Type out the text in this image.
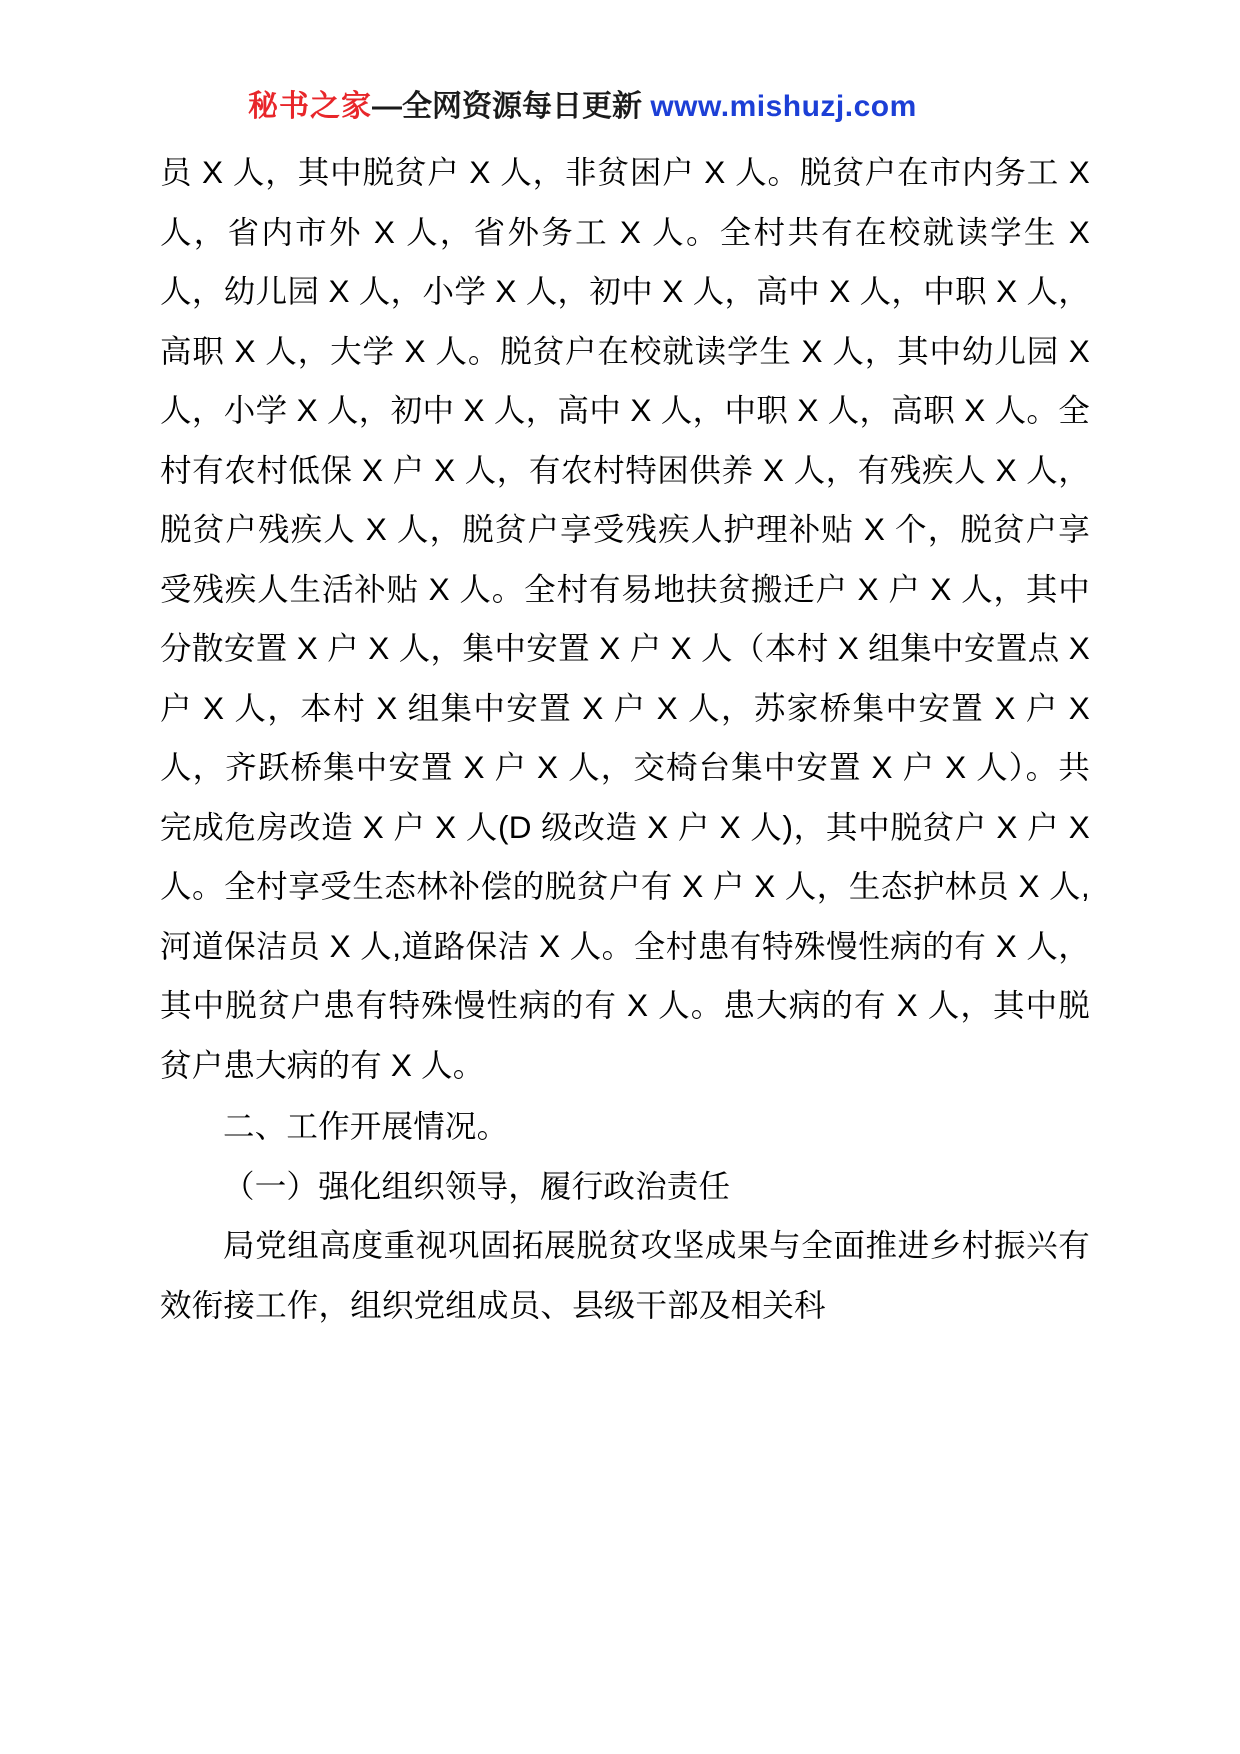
秘书之家—全网资源每日更新 www.mishuzj.com

员 X 人，其中脱贫户 X 人，非贫困户 X 人。脱贫户在市内务工 X 人，省内市外 X 人，省外务工 X 人。全村共有在校就读学生 X 人，幼儿园 X 人，小学 X 人，初中 X 人，高中 X 人，中职 X 人，高职 X 人，大学 X 人。脱贫户在校就读学生 X 人，其中幼儿园 X 人，小学 X 人，初中 X 人，高中 X 人，中职 X 人，高职 X 人。全村有农村低保 X 户 X 人，有农村特困供养 X 人，有残疾人 X 人，脱贫户残疾人 X 人，脱贫户享受残疾人护理补贴 X 个，脱贫户享受残疾人生活补贴 X 人。全村有易地扶贫搬迁户 X 户 X 人，其中分散安置 X 户 X 人，集中安置 X 户 X 人（本村 X 组集中安置点 X 户 X 人，本村 X 组集中安置 X 户 X 人，苏家桥集中安置 X 户 X 人，齐跃桥集中安置 X 户 X 人，交椅台集中安置 X 户 X 人）。共完成危房改造 X 户 X 人(D 级改造 X 户 X 人)，其中脱贫户 X 户 X 人。全村享受生态林补偿的脱贫户有 X 户 X 人，生态护林员 X 人,河道保洁员 X 人,道路保洁 X 人。全村患有特殊慢性病的有 X 人，其中脱贫户患有特殊慢性病的有 X 人。患大病的有 X 人，其中脱贫户患大病的有 X 人。

二、工作开展情况。

（一）强化组织领导，履行政治责任

局党组高度重视巩固拓展脱贫攻坚成果与全面推进乡村振兴有效衔接工作，组织党组成员、县级干部及相关科
